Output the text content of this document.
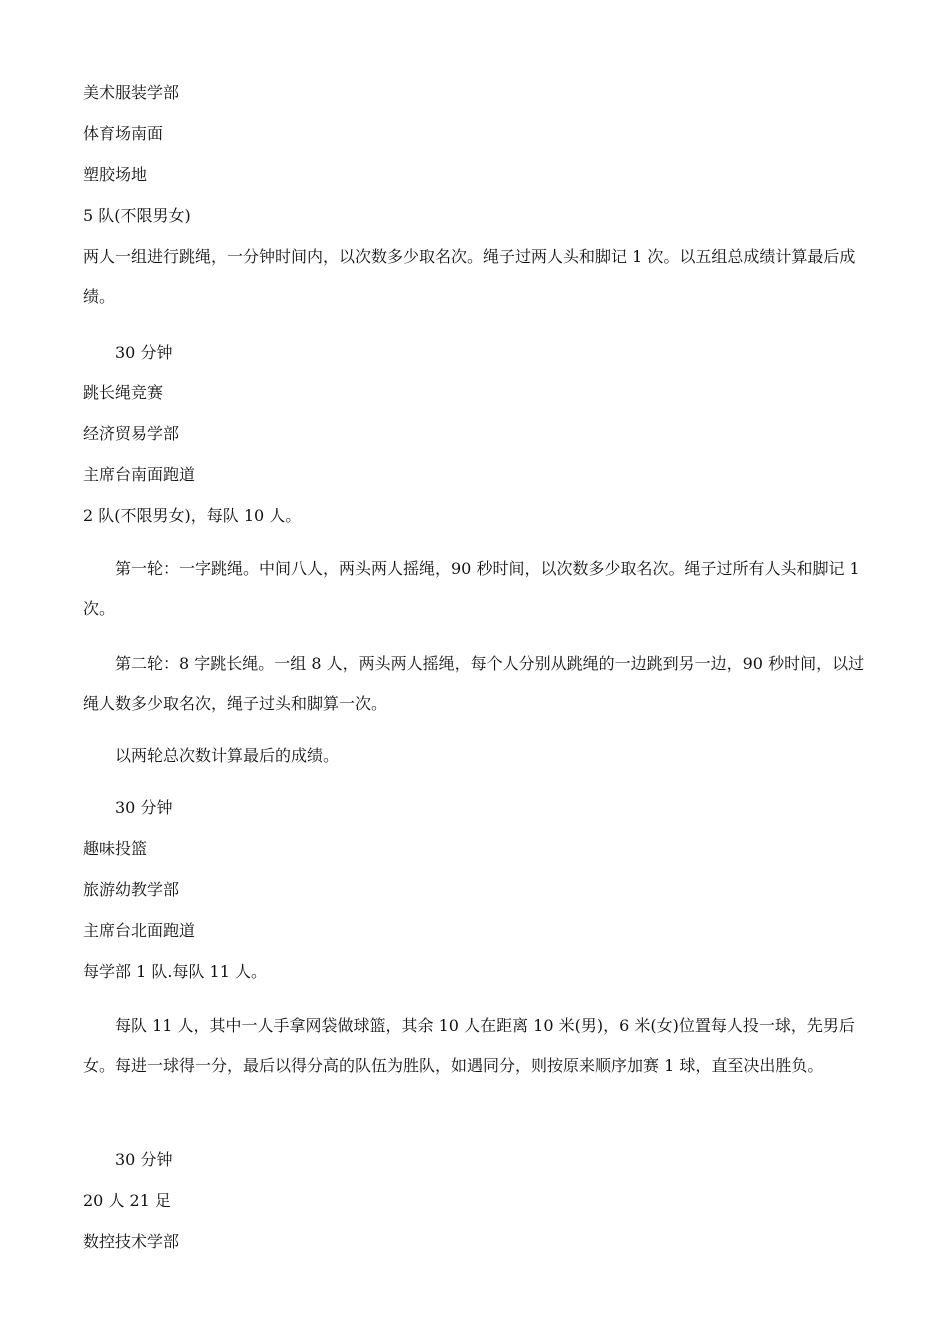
美术服装学部

体育场南面

塑胶场地

5 队(不限男女)

两人一组进行跳绳，一分钟时间内，以次数多少取名次。绳子过两人头和脚记 1 次。以五组总成绩计算最后成绩。

30 分钟

跳长绳竞赛

经济贸易学部

主席台南面跑道

2 队(不限男女)，每队 10 人。

第一轮：一字跳绳。中间八人，两头两人摇绳，90 秒时间，以次数多少取名次。绳子过所有人头和脚记 1 次。

第二轮：8 字跳长绳。一组 8 人，两头两人摇绳，每个人分别从跳绳的一边跳到另一边，90 秒时间，以过绳人数多少取名次，绳子过头和脚算一次。

以两轮总次数计算最后的成绩。

30 分钟

趣味投篮

旅游幼教学部

主席台北面跑道

每学部 1 队.每队 11 人。

每队 11 人，其中一人手拿网袋做球篮，其余 10 人在距离 10 米(男)，6 米(女)位置每人投一球，先男后女。每进一球得一分，最后以得分高的队伍为胜队，如遇同分，则按原来顺序加赛 1 球，直至决出胜负。

30 分钟

20 人 21 足

数控技术学部
